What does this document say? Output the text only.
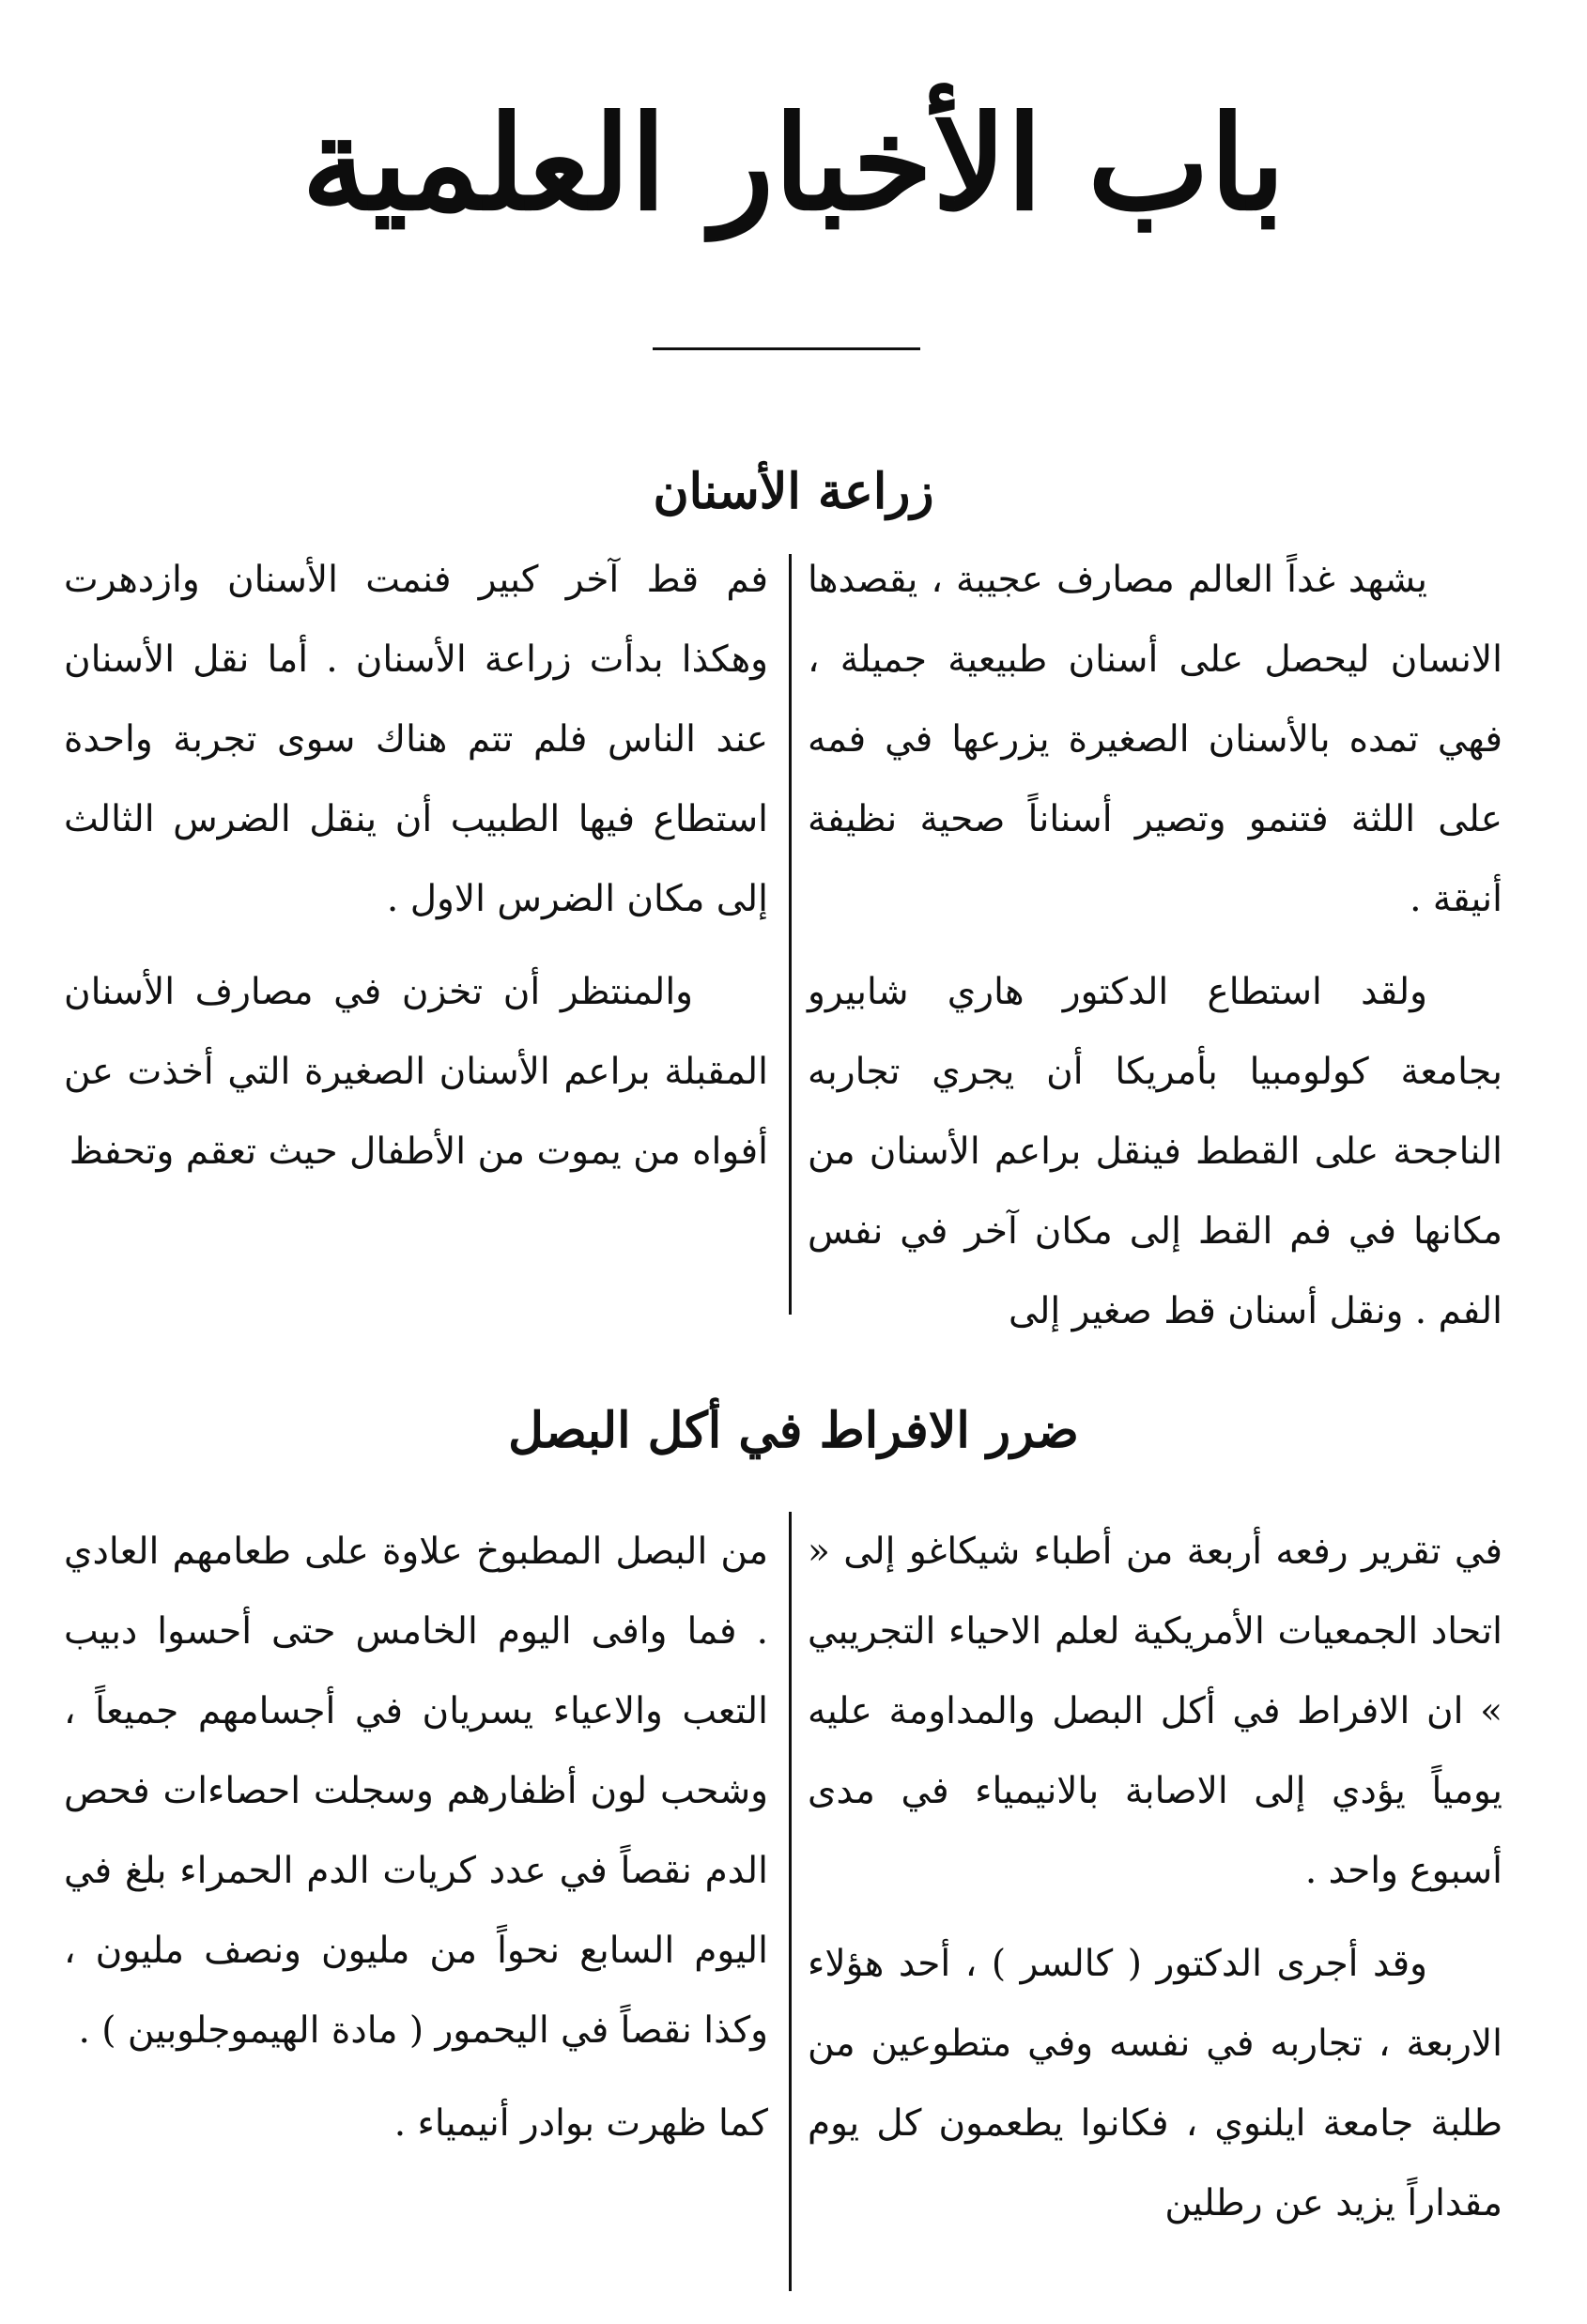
باب الأخبار العلمية
زراعة الأسنان

يشهد غداً العالم مصارف عجيبة ، يقصدها الانسان ليحصل على أسنان طبيعية جميلة ، فهي تمده بالأسنان الصغيرة يزرعها في فمه على اللثة فتنمو وتصير أسناناً صحية نظيفة أنيقة .

ولقد استطاع الدكتور هاري شابيرو بجامعة كولومبيا بأمريكا أن يجري تجاربه الناجحة على القطط فينقل براعم الأسنان من مكانها في فم القط إلى مكان آخر في نفس الفم . ونقل أسنان قط صغير إلى

فم قط آخر كبير فنمت الأسنان وازدهرت وهكذا بدأت زراعة الأسنان . أما نقل الأسنان عند الناس فلم تتم هناك سوى تجربة واحدة استطاع فيها الطبيب أن ينقل الضرس الثالث إلى مكان الضرس الاول .

والمنتظر أن تخزن في مصارف الأسنان المقبلة براعم الأسنان الصغيرة التي أخذت عن أفواه من يموت من الأطفال حيث تعقم وتحفظ

ضرر الافراط في أكل البصل

في تقرير رفعه أربعة من أطباء شيكاغو إلى « اتحاد الجمعيات الأمريكية لعلم الاحياء التجريبي » ان الافراط في أكل البصل والمداومة عليه يومياً يؤدي إلى الاصابة بالانيمياء في مدى أسبوع واحد .

وقد أجرى الدكتور ( كالسر ) ، أحد هؤلاء الاربعة ، تجاربه في نفسه وفي متطوعين من طلبة جامعة ايلنوي ، فكانوا يطعمون كل يوم مقداراً يزيد عن رطلين

من البصل المطبوخ علاوة على طعامهم العادي . فما وافى اليوم الخامس حتى أحسوا دبيب التعب والاعياء يسريان في أجسامهم جميعاً ، وشحب لون أظفارهم وسجلت احصاءات فحص الدم نقصاً في عدد كريات الدم الحمراء بلغ في اليوم السابع نحواً من مليون ونصف مليون ، وكذا نقصاً في اليحمور ( مادة الهيموجلوبين ) .

كما ظهرت بوادر أنيمياء .
